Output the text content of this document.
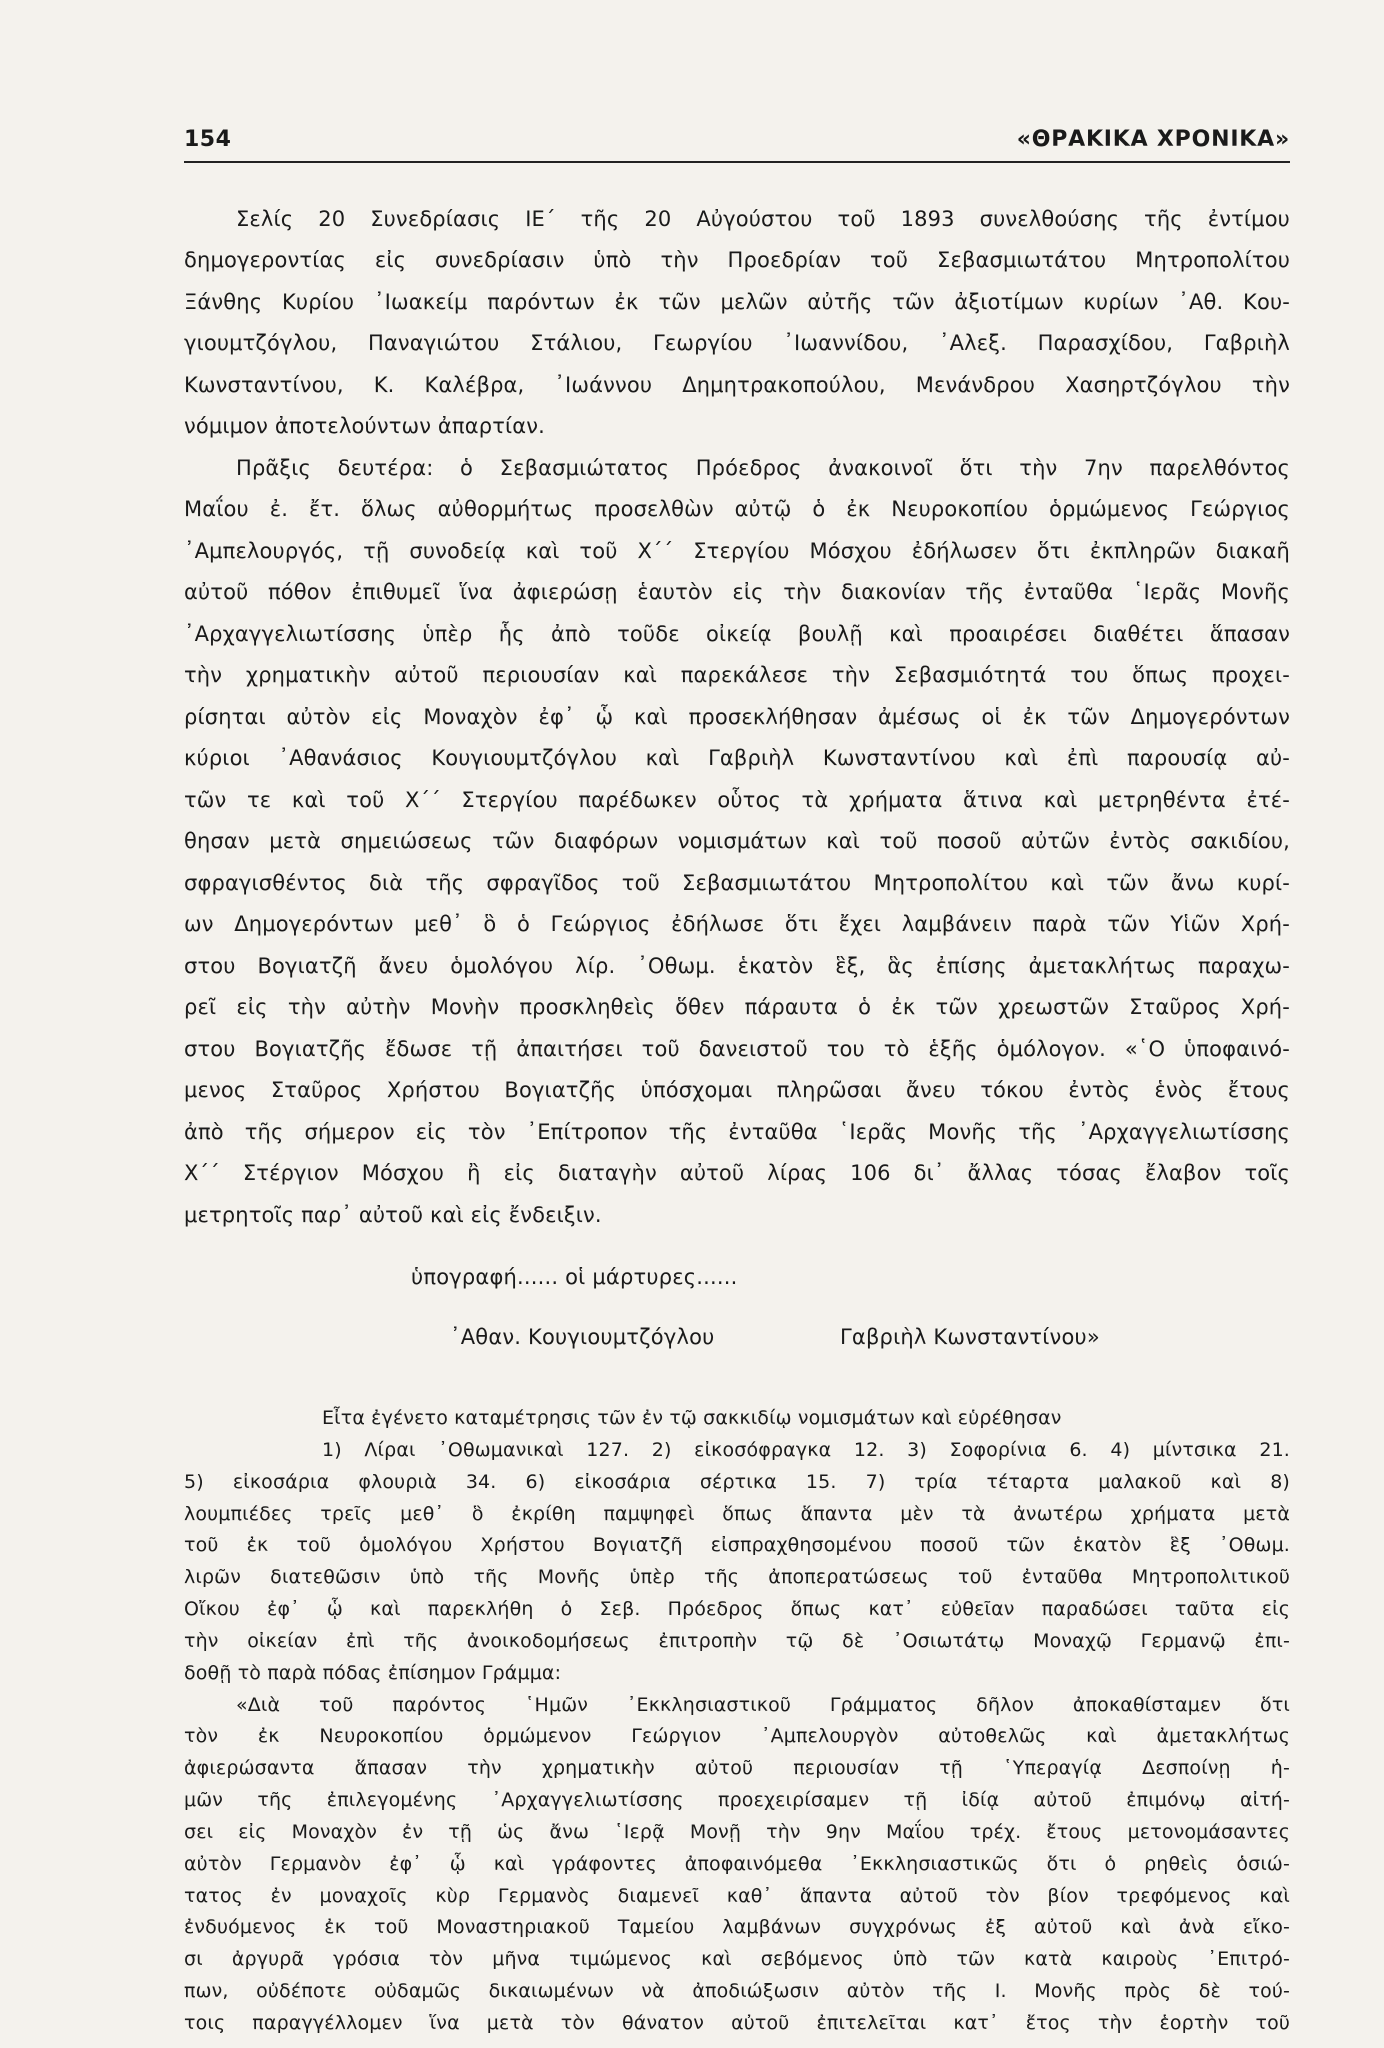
154	«ΘΡΑΚΙΚΑ ΧΡΟΝΙΚΑ»
Σελίς 20 Συνεδρίασις ΙΕ΄ τῆς 20 Αὐγούστου τοῦ 1893 συνελθούσης τῆς ἐντίμου
δημογεροντίας εἰς συνεδρίασιν ὑπὸ τὴν Προεδρίαν τοῦ Σεβασμιωτάτου Μητροπολίτου
Ξάνθης Κυρίου ᾿Ιωακείμ παρόντων ἐκ τῶν μελῶν αὐτῆς τῶν ἀξιοτίμων κυρίων ᾿Αθ. Κου-
γιουμτζόγλου, Παναγιώτου Στάλιου, Γεωργίου ᾿Ιωαννίδου, ᾿Αλεξ. Παρασχίδου, Γαβριὴλ
Κωνσταντίνου, Κ. Καλέβρα, ᾿Ιωάννου Δημητρακοπούλου, Μενάνδρου Χασηρτζόγλου τὴν
νόμιμον ἀποτελούντων ἀπαρτίαν.
Πρᾶξις δευτέρα: ὁ Σεβασμιώτατος Πρόεδρος ἀνακοινοῖ ὅτι τὴν 7ην παρελθόντος
Μαΐου ἐ. ἔτ. ὅλως αὐθορμήτως προσελθὼν αὐτῷ ὁ ἐκ Νευροκοπίου ὁρμώμενος Γεώργιος
᾿Αμπελουργός, τῇ συνοδείᾳ καὶ τοῦ Χ΄΄ Στεργίου Μόσχου ἐδήλωσεν ὅτι ἐκπληρῶν διακαῆ
αὐτοῦ πόθον ἐπιθυμεῖ ἵνα ἀφιερώσῃ ἑαυτὸν εἰς τὴν διακονίαν τῆς ἐνταῦθα ῾Ιερᾶς Μονῆς
᾿Αρχαγγελιωτίσσης ὑπὲρ ἧς ἀπὸ τοῦδε οἰκείᾳ βουλῇ καὶ προαιρέσει διαθέτει ἅπασαν
τὴν χρηματικὴν αὐτοῦ περιουσίαν καὶ παρεκάλεσε τὴν Σεβασμιότητά του ὅπως προχει-
ρίσηται αὐτὸν εἰς Μοναχὸν ἐφ᾿ ᾧ καὶ προσεκλήθησαν ἀμέσως οἱ ἐκ τῶν Δημογερόντων
κύριοι ᾿Αθανάσιος Κουγιουμτζόγλου καὶ Γαβριὴλ Κωνσταντίνου καὶ ἐπὶ παρουσίᾳ αὐ-
τῶν τε καὶ τοῦ Χ΄΄ Στεργίου παρέδωκεν οὗτος τὰ χρήματα ἅτινα καὶ μετρηθέντα ἐτέ-
θησαν μετὰ σημειώσεως τῶν διαφόρων νομισμάτων καὶ τοῦ ποσοῦ αὐτῶν ἐντὸς σακιδίου,
σφραγισθέντος διὰ τῆς σφραγῖδος τοῦ Σεβασμιωτάτου Μητροπολίτου καὶ τῶν ἄνω κυρί-
ων Δημογερόντων μεθ᾿ ὃ ὁ Γεώργιος ἐδήλωσε ὅτι ἔχει λαμβάνειν παρὰ τῶν Υἱῶν Χρή-
στου Βογιατζῆ ἄνευ ὁμολόγου λίρ. ᾿Οθωμ. ἑκατὸν ἓξ, ἃς ἐπίσης ἀμετακλήτως παραχω-
ρεῖ εἰς τὴν αὐτὴν Μονὴν προσκληθεὶς ὅθεν πάραυτα ὁ ἐκ τῶν χρεωστῶν Σταῦρος Χρή-
στου Βογιατζῆς ἔδωσε τῇ ἀπαιτήσει τοῦ δανειστοῦ του τὸ ἑξῆς ὁμόλογον. «῾Ο ὑποφαινό-
μενος Σταῦρος Χρήστου Βογιατζῆς ὑπόσχομαι πληρῶσαι ἄνευ τόκου ἐντὸς ἑνὸς ἔτους
ἀπὸ τῆς σήμερον εἰς τὸν ᾿Επίτροπον τῆς ἐνταῦθα ῾Ιερᾶς Μονῆς τῆς ᾿Αρχαγγελιωτίσσης
Χ΄΄ Στέργιον Μόσχου ἢ εἰς διαταγὴν αὐτοῦ λίρας 106 δι᾿ ἄλλας τόσας ἔλαβον τοῖς
μετρητοῖς παρ᾿ αὐτοῦ καὶ εἰς ἔνδειξιν.
ὑπογραφή...... οἱ μάρτυρες......
᾿Αθαν. Κουγιουμτζόγλου	Γαβριὴλ Κωνσταντίνου»
Εἶτα ἐγένετο καταμέτρησις τῶν ἐν τῷ σακκιδίῳ νομισμάτων καὶ εὑρέθησαν
1) Λίραι ᾿Οθωμανικαὶ 127. 2) εἰκοσόφραγκα 12. 3) Σοφορίνια 6. 4) μίντσικα 21.
5) εἰκοσάρια φλουριὰ 34. 6) εἰκοσάρια σέρτικα 15. 7) τρία τέταρτα μαλακοῦ καὶ 8)
λουμπιέδες τρεῖς μεθ᾿ ὃ ἐκρίθη παμψηφεὶ ὅπως ἅπαντα μὲν τὰ ἀνωτέρω χρήματα μετὰ
τοῦ ἐκ τοῦ ὁμολόγου Χρήστου Βογιατζῆ εἰσπραχθησομένου ποσοῦ τῶν ἑκατὸν ἓξ ᾿Οθωμ.
λιρῶν διατεθῶσιν ὑπὸ τῆς Μονῆς ὑπὲρ τῆς ἀποπερατώσεως τοῦ ἐνταῦθα Μητροπολιτικοῦ
Οἴκου ἐφ᾿ ᾧ καὶ παρεκλήθη ὁ Σεβ. Πρόεδρος ὅπως κατ᾿ εὐθεῖαν παραδώσει ταῦτα εἰς
τὴν οἰκείαν ἐπὶ τῆς ἀνοικοδομήσεως ἐπιτροπὴν τῷ δὲ ᾿Οσιωτάτῳ Μοναχῷ Γερμανῷ ἐπι-
δοθῇ τὸ παρὰ πόδας ἐπίσημον Γράμμα:
«Διὰ τοῦ παρόντος ῾Ημῶν ᾿Εκκλησιαστικοῦ Γράμματος δῆλον ἀποκαθίσταμεν ὅτι
τὸν ἐκ Νευροκοπίου ὁρμώμενον Γεώργιον ᾿Αμπελουργὸν αὐτοθελῶς καὶ ἀμετακλήτως
ἀφιερώσαντα ἅπασαν τὴν χρηματικὴν αὐτοῦ περιουσίαν τῇ ῾Υπεραγίᾳ Δεσποίνῃ ἡ-
μῶν τῆς ἐπιλεγομένης ᾿Αρχαγγελιωτίσσης προεχειρίσαμεν τῇ ἰδίᾳ αὐτοῦ ἐπιμόνῳ αἰτή-
σει εἰς Μοναχὸν ἐν τῇ ὡς ἄνω ῾Ιερᾷ Μονῇ τὴν 9ην Μαΐου τρέχ. ἔτους μετονομάσαντες
αὐτὸν Γερμανὸν ἐφ᾿ ᾧ καὶ γράφοντες ἀποφαινόμεθα ᾿Εκκλησιαστικῶς ὅτι ὁ ρηθεὶς ὁσιώ-
τατος ἐν μοναχοῖς κὺρ Γερμανὸς διαμενεῖ καθ᾿ ἅπαντα αὐτοῦ τὸν βίον τρεφόμενος καὶ
ἐνδυόμενος ἐκ τοῦ Μοναστηριακοῦ Ταμείου λαμβάνων συγχρόνως ἐξ αὐτοῦ καὶ ἀνὰ εἴκο-
σι ἀργυρᾶ γρόσια τὸν μῆνα τιμώμενος καὶ σεβόμενος ὑπὸ τῶν κατὰ καιροὺς ᾿Επιτρό-
πων, οὐδέποτε οὐδαμῶς δικαιωμένων νὰ ἀποδιώξωσιν αὐτὸν τῆς Ι. Μονῆς πρὸς δὲ τού-
τοις παραγγέλλομεν ἵνα μετὰ τὸν θάνατον αὐτοῦ ἐπιτελεῖται κατ᾿ ἔτος τὴν ἑορτὴν τοῦ
